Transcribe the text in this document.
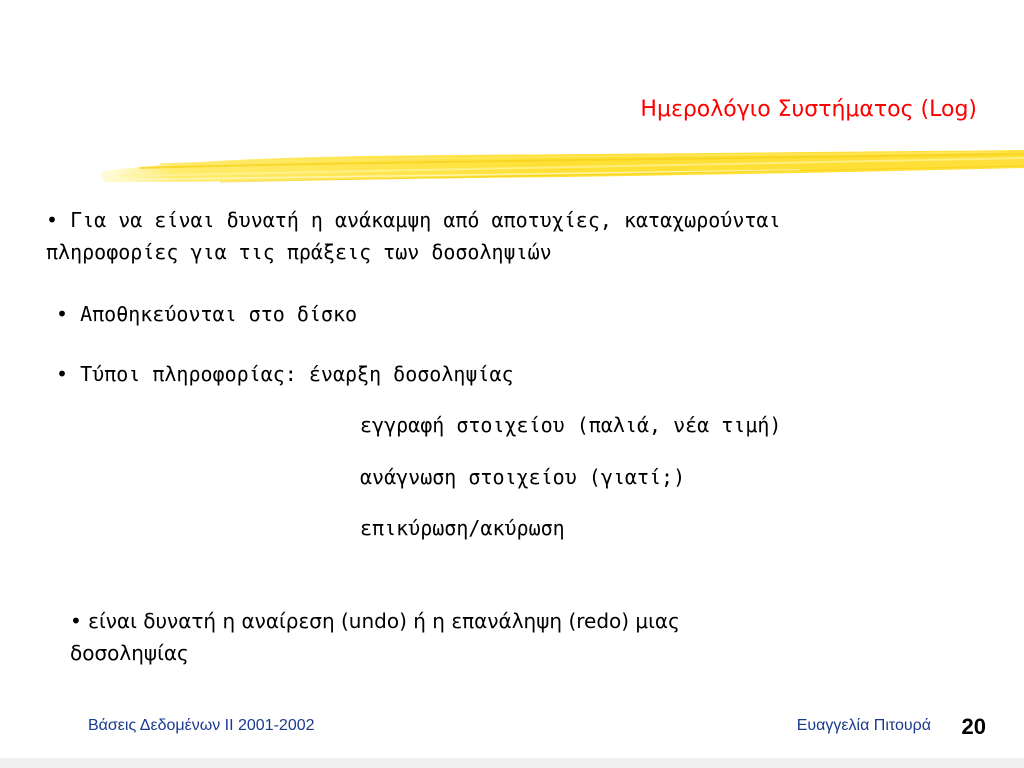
Ημερολόγιο Συστήματος (Log)
• Για να είναι δυνατή η ανάκαμψη από αποτυχίες, καταχωρούνται
πληροφορίες για τις πράξεις των δοσοληψιών
• Αποθηκεύονται στο δίσκο
• Τύποι πληροφορίας: έναρξη δοσοληψίας
εγγραφή στοιχείου (παλιά, νέα τιμή)
ανάγνωση στοιχείου (γιατί;)
επικύρωση/ακύρωση
• είναι δυνατή η αναίρεση (undo) ή η επανάληψη (redo) μιας
δοσοληψίας
Βάσεις Δεδομένων ΙΙ 2001-2002	Ευαγγελία Πιτουρά 20
